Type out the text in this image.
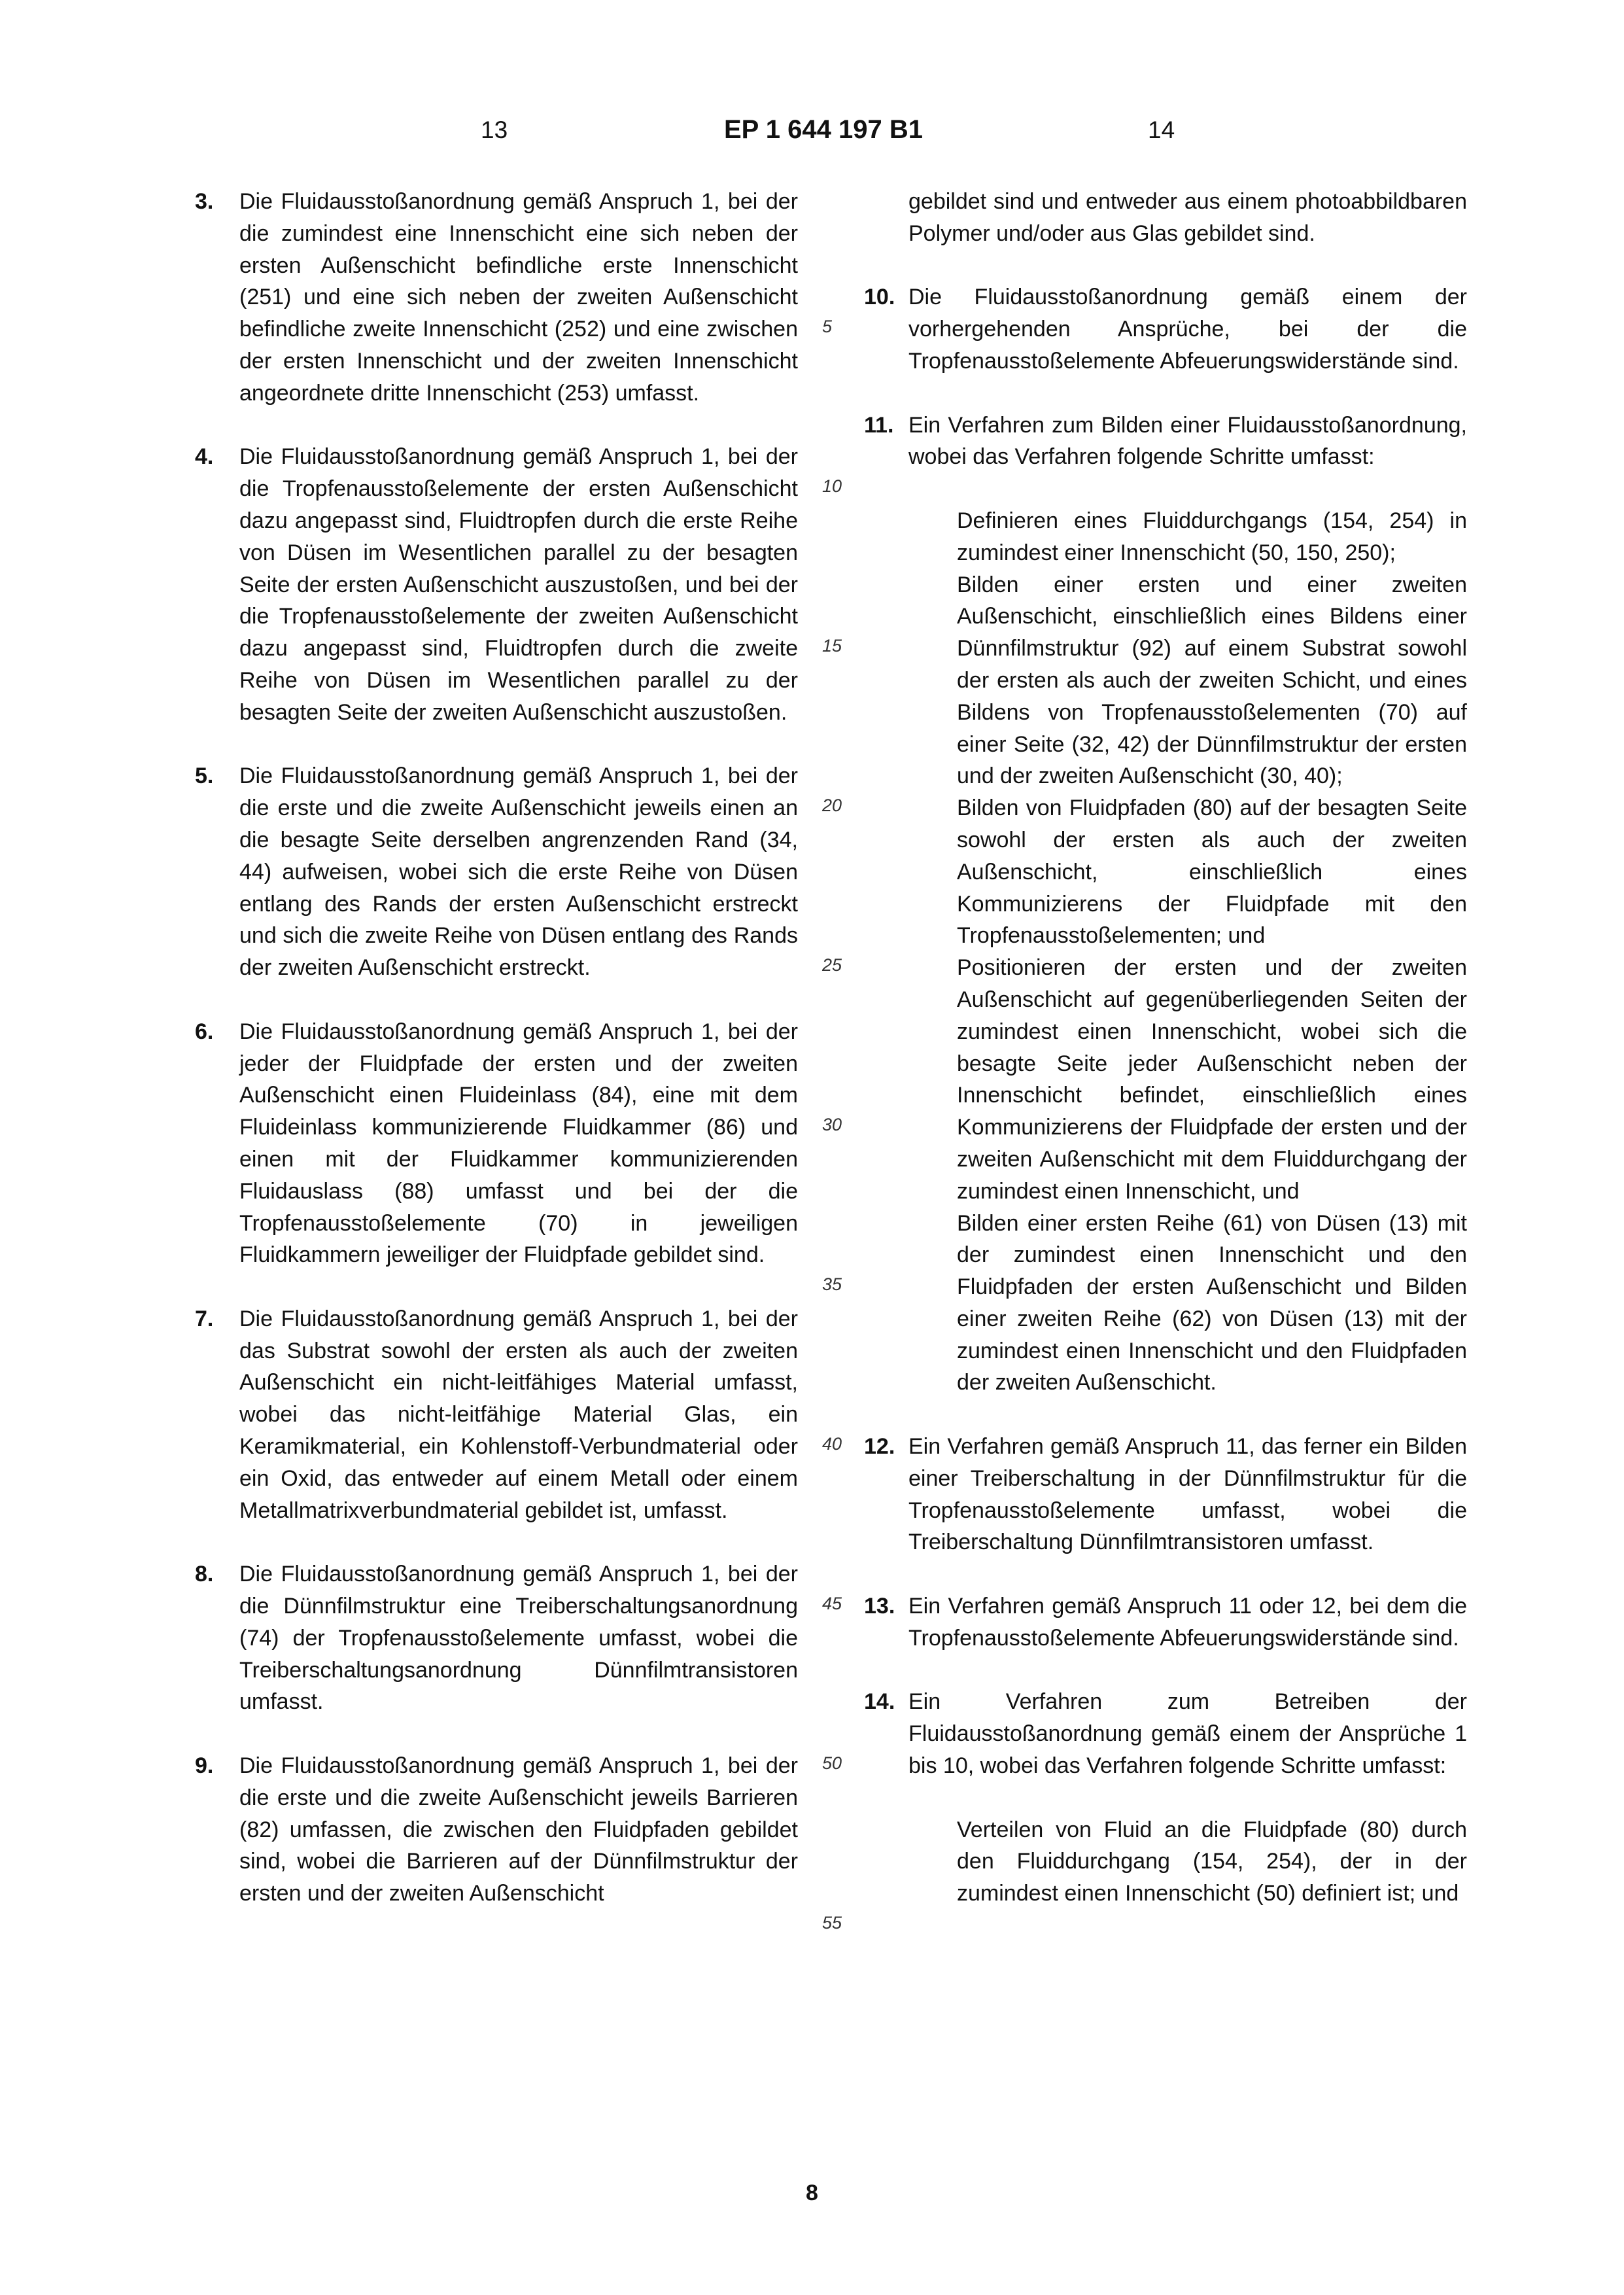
13	EP 1 644 197 B1	14
3. Die Fluidausstoßanordnung gemäß Anspruch 1, bei der die zumindest eine Innenschicht eine sich neben der ersten Außenschicht befindliche erste Innenschicht (251) und eine sich neben der zweiten Außenschicht befindliche zweite Innenschicht (252) und eine zwischen der ersten Innenschicht und der zweiten Innenschicht angeordnete dritte Innenschicht (253) umfasst.
4. Die Fluidausstoßanordnung gemäß Anspruch 1, bei der die Tropfenausstoßelemente der ersten Außenschicht dazu angepasst sind, Fluidtropfen durch die erste Reihe von Düsen im Wesentlichen parallel zu der besagten Seite der ersten Außenschicht auszustoßen, und bei der die Tropfenausstoßelemente der zweiten Außenschicht dazu angepasst sind, Fluidtropfen durch die zweite Reihe von Düsen im Wesentlichen parallel zu der besagten Seite der zweiten Außenschicht auszustoßen.
5. Die Fluidausstoßanordnung gemäß Anspruch 1, bei der die erste und die zweite Außenschicht jeweils einen an die besagte Seite derselben angrenzenden Rand (34, 44) aufweisen, wobei sich die erste Reihe von Düsen entlang des Rands der ersten Außenschicht erstreckt und sich die zweite Reihe von Düsen entlang des Rands der zweiten Außenschicht erstreckt.
6. Die Fluidausstoßanordnung gemäß Anspruch 1, bei der jeder der Fluidpfade der ersten und der zweiten Außenschicht einen Fluideinlass (84), eine mit dem Fluideinlass kommunizierende Fluidkammer (86) und einen mit der Fluidkammer kommunizierenden Fluidauslass (88) umfasst und bei der die Tropfenausstoßelemente (70) in jeweiligen Fluidkammern jeweiliger der Fluidpfade gebildet sind.
7. Die Fluidausstoßanordnung gemäß Anspruch 1, bei der das Substrat sowohl der ersten als auch der zweiten Außenschicht ein nicht-leitfähiges Material umfasst, wobei das nicht-leitfähige Material Glas, ein Keramikmaterial, ein Kohlenstoff-Verbundmaterial oder ein Oxid, das entweder auf einem Metall oder einem Metallmatrixverbundmaterial gebildet ist, umfasst.
8. Die Fluidausstoßanordnung gemäß Anspruch 1, bei der die Dünnfilmstruktur eine Treiberschaltungsanordnung (74) der Tropfenausstoßelemente umfasst, wobei die Treiberschaltungsanordnung Dünnfilmtransistoren umfasst.
9. Die Fluidausstoßanordnung gemäß Anspruch 1, bei der die erste und die zweite Außenschicht jeweils Barrieren (82) umfassen, die zwischen den Fluidpfaden gebildet sind, wobei die Barrieren auf der Dünnfilmstruktur der ersten und der zweiten Außenschicht
5
10
15
20
25
30
35
40
45
50
55
gebildet sind und entweder aus einem photoabbildbaren Polymer und/oder aus Glas gebildet sind.
10. Die Fluidausstoßanordnung gemäß einem der vorhergehenden Ansprüche, bei der die Tropfenausstoßelemente Abfeuerungswiderstände sind.
11. Ein Verfahren zum Bilden einer Fluidausstoßanordnung, wobei das Verfahren folgende Schritte umfasst:
Definieren eines Fluiddurchgangs (154, 254) in zumindest einer Innenschicht (50, 150, 250);
Bilden einer ersten und einer zweiten Außenschicht, einschließlich eines Bildens einer Dünnfilmstruktur (92) auf einem Substrat sowohl der ersten als auch der zweiten Schicht, und eines Bildens von Tropfenausstoßelementen (70) auf einer Seite (32, 42) der Dünnfilmstruktur der ersten und der zweiten Außenschicht (30, 40);
Bilden von Fluidpfaden (80) auf der besagten Seite sowohl der ersten als auch der zweiten Außenschicht, einschließlich eines Kommunizierens der Fluidpfade mit den Tropfenausstoßelementen; und
Positionieren der ersten und der zweiten Außenschicht auf gegenüberliegenden Seiten der zumindest einen Innenschicht, wobei sich die besagte Seite jeder Außenschicht neben der Innenschicht befindet, einschließlich eines Kommunizierens der Fluidpfade der ersten und der zweiten Außenschicht mit dem Fluiddurchgang der zumindest einen Innenschicht, und
Bilden einer ersten Reihe (61) von Düsen (13) mit der zumindest einen Innenschicht und den Fluidpfaden der ersten Außenschicht und Bilden einer zweiten Reihe (62) von Düsen (13) mit der zumindest einen Innenschicht und den Fluidpfaden der zweiten Außenschicht.
12. Ein Verfahren gemäß Anspruch 11, das ferner ein Bilden einer Treiberschaltung in der Dünnfilmstruktur für die Tropfenausstoßelemente umfasst, wobei die Treiberschaltung Dünnfilmtransistoren umfasst.
13. Ein Verfahren gemäß Anspruch 11 oder 12, bei dem die Tropfenausstoßelemente Abfeuerungswiderstände sind.
14. Ein Verfahren zum Betreiben der Fluidausstoßanordnung gemäß einem der Ansprüche 1 bis 10, wobei das Verfahren folgende Schritte umfasst:
Verteilen von Fluid an die Fluidpfade (80) durch den Fluiddurchgang (154, 254), der in der zumindest einen Innenschicht (50) definiert ist; und
8
